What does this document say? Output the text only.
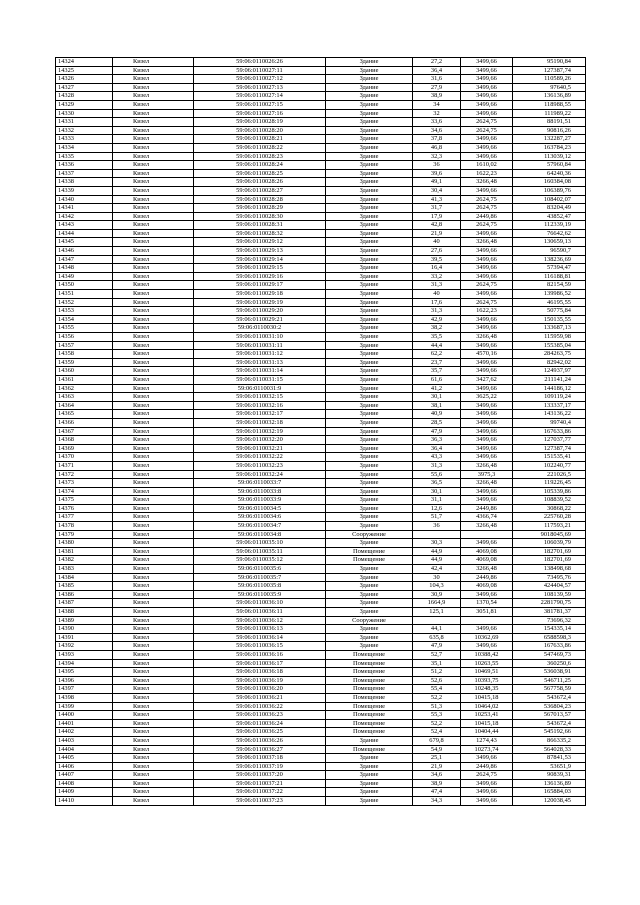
14324	Кизел	59:06:0110026:26	Здание	27,2	3499,66	95190,84
14325	Кизел	59:06:0110027:11	Здание	36,4	3499,66	127387,74
14326	Кизел	59:06:0110027:12	Здание	31,6	3499,66	110589,26
14327	Кизел	59:06:0110027:13	Здание	27,9	3499,66	97640,5
14328	Кизел	59:06:0110027:14	Здание	38,9	3499,66	136136,89
14329	Кизел	59:06:0110027:15	Здание	34	3499,66	118988,55
14330	Кизел	59:06:0110027:16	Здание	32	3499,66	111989,22
14331	Кизел	59:06:0110028:19	Здание	33,6	2624,75	88191,51
14332	Кизел	59:06:0110028:20	Здание	34,6	2624,75	90816,26
14333	Кизел	59:06:0110028:21	Здание	37,8	3499,66	132287,27
14334	Кизел	59:06:0110028:22	Здание	46,8	3499,66	163784,23
14335	Кизел	59:06:0110028:23	Здание	32,3	3499,66	113039,12
14336	Кизел	59:06:0110028:24	Здание	36	1610,02	57960,84
14337	Кизел	59:06:0110028:25	Здание	39,6	1622,23	64240,36
14338	Кизел	59:06:0110028:26	Здание	49,1	3266,48	160384,08
14339	Кизел	59:06:0110028:27	Здание	30,4	3499,66	106389,76
14340	Кизел	59:06:0110028:28	Здание	41,3	2624,75	108402,07
14341	Кизел	59:06:0110028:29	Здание	31,7	2624,75	83204,49
14342	Кизел	59:06:0110028:30	Здание	17,9	2449,86	43852,47
14343	Кизел	59:06:0110028:31	Здание	42,8	2624,75	112339,19
14344	Кизел	59:06:0110028:32	Здание	21,9	3499,66	76642,62
14345	Кизел	59:06:0110029:12	Здание	40	3266,48	130659,13
14346	Кизел	59:06:0110029:13	Здание	27,6	3499,66	96590,7
14347	Кизел	59:06:0110029:14	Здание	39,5	3499,66	138236,69
14348	Кизел	59:06:0110029:15	Здание	16,4	3499,66	57394,47
14349	Кизел	59:06:0110029:16	Здание	33,2	3499,66	116188,81
14350	Кизел	59:06:0110029:17	Здание	31,3	2624,75	82154,59
14351	Кизел	59:06:0110029:18	Здание	40	3499,66	139986,52
14352	Кизел	59:06:0110029:19	Здание	17,6	2624,75	46195,55
14353	Кизел	59:06:0110029:20	Здание	31,3	1622,23	50775,84
14354	Кизел	59:06:0110029:21	Здание	42,9	3499,66	150135,55
14355	Кизел	59:06:0110030:2	Здание	38,2	3499,66	133687,13
14356	Кизел	59:06:0110031:10	Здание	35,5	3266,48	115959,98
14357	Кизел	59:06:0110031:11	Здание	44,4	3499,66	155385,04
14358	Кизел	59:06:0110031:12	Здание	62,2	4570,16	284263,75
14359	Кизел	59:06:0110031:13	Здание	23,7	3499,66	82942,02
14360	Кизел	59:06:0110031:14	Здание	35,7	3499,66	124937,97
14361	Кизел	59:06:0110031:15	Здание	61,6	3427,62	211141,24
14362	Кизел	59:06:0110031:9	Здание	41,2	3499,66	144186,12
14363	Кизел	59:06:0110032:15	Здание	30,1	3625,22	109119,24
14364	Кизел	59:06:0110032:16	Здание	38,1	3499,66	133337,17
14365	Кизел	59:06:0110032:17	Здание	40,9	3499,66	143136,22
14366	Кизел	59:06:0110032:18	Здание	28,5	3499,66	99740,4
14367	Кизел	59:06:0110032:19	Здание	47,9	3499,66	167633,86
14368	Кизел	59:06:0110032:20	Здание	36,3	3499,66	127037,77
14369	Кизел	59:06:0110032:21	Здание	36,4	3499,66	127387,74
14370	Кизел	59:06:0110032:22	Здание	43,3	3499,66	151535,41
14371	Кизел	59:06:0110032:23	Здание	31,3	3266,48	102240,77
14372	Кизел	59:06:0110032:24	Здание	55,6	3975,3	221026,5
14373	Кизел	59:06:0110033:7	Здание	36,5	3266,48	119226,45
14374	Кизел	59:06:0110033:8	Здание	30,1	3499,66	105339,86
14375	Кизел	59:06:0110033:9	Здание	31,1	3499,66	108839,52
14376	Кизел	59:06:0110034:5	Здание	12,6	2449,86	30868,22
14377	Кизел	59:06:0110034:6	Здание	51,7	4366,74	225760,28
14378	Кизел	59:06:0110034:7	Здание	36	3266,48	117593,21
14379	Кизел	59:06:0110034:8	Сооружение			9018045,69
14380	Кизел	59:06:0110035:10	Здание	30,3	3499,66	106039,79
14381	Кизел	59:06:0110035:11	Помещение	44,9	4069,08	182701,69
14382	Кизел	59:06:0110035:12	Помещение	44,9	4069,08	182701,69
14383	Кизел	59:06:0110035:6	Здание	42,4	3266,48	138498,68
14384	Кизел	59:06:0110035:7	Здание	30	2449,86	73495,76
14385	Кизел	59:06:0110035:8	Здание	104,3	4069,08	424404,57
14386	Кизел	59:06:0110035:9	Здание	30,9	3499,66	108139,59
14387	Кизел	59:06:0110036:10	Здание	1664,9	1370,54	2281790,75
14388	Кизел	59:06:0110036:11	Здание	125,1	3051,81	381781,37
14389	Кизел	59:06:0110036:12	Сооружение			73696,32
14390	Кизел	59:06:0110036:13	Здание	44,1	3499,66	154335,14
14391	Кизел	59:06:0110036:14	Здание	635,8	10362,69	6588598,3
14392	Кизел	59:06:0110036:15	Здание	47,9	3499,66	167633,86
14393	Кизел	59:06:0110036:16	Помещение	52,7	10388,42	547469,73
14394	Кизел	59:06:0110036:17	Помещение	35,1	10263,55	360250,6
14395	Кизел	59:06:0110036:18	Помещение	51,2	10469,51	536038,91
14396	Кизел	59:06:0110036:19	Помещение	52,6	10393,75	546711,25
14397	Кизел	59:06:0110036:20	Помещение	55,4	10248,35	567758,59
14398	Кизел	59:06:0110036:21	Помещение	52,2	10415,18	543672,4
14399	Кизел	59:06:0110036:22	Помещение	51,3	10464,02	536804,23
14400	Кизел	59:06:0110036:23	Помещение	55,3	10253,41	567013,57
14401	Кизел	59:06:0110036:24	Помещение	52,2	10415,18	543672,4
14402	Кизел	59:06:0110036:25	Помещение	52,4	10404,44	545192,66
14403	Кизел	59:06:0110036:26	Здание	679,8	1274,43	866335,2
14404	Кизел	59:06:0110036:27	Помещение	54,9	10273,74	564028,33
14405	Кизел	59:06:0110037:18	Здание	25,1	3499,66	87841,53
14406	Кизел	59:06:0110037:19	Здание	21,9	2449,86	53651,9
14407	Кизел	59:06:0110037:20	Здание	34,6	2624,75	90839,31
14408	Кизел	59:06:0110037:21	Здание	38,9	3499,66	136136,89
14409	Кизел	59:06:0110037:22	Здание	47,4	3499,66	165884,03
14410	Кизел	59:06:0110037:23	Здание	34,3	3499,66	120038,45
